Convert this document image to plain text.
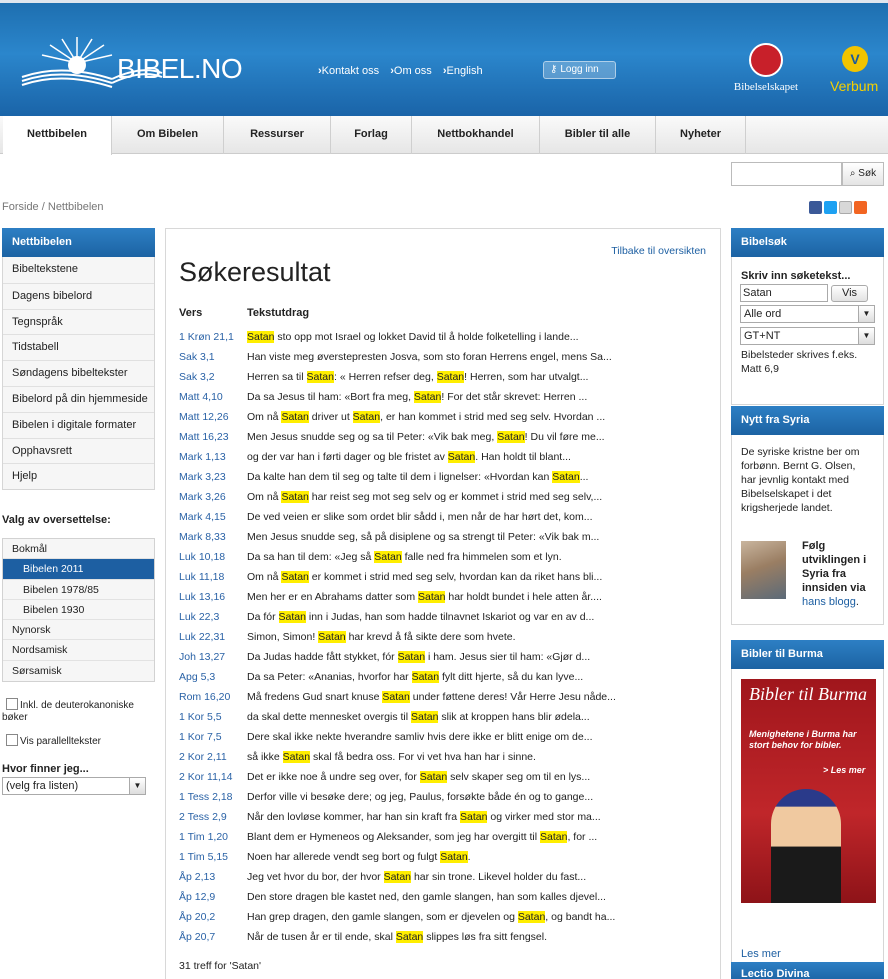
BIBEL.NO	› Kontakt oss › Om oss › English	⚷ Logg inn
Bibelselskapet
V
Verbum
Nettbibelen	Om Bibelen	Ressurser	Forlag	Nettbokhandel	Bibler til alle	Nyheter
⌕ Søk
Forside / Nettbibelen
Nettbibelen
Bibeltekstene
Dagens bibelord
Tegnspråk
Tidstabell
Søndagens bibeltekster
Bibelord på din hjemmeside
Bibelen i digitale formater
Opphavsrett
Hjelp
Valg av oversettelse:
Bokmål
Bibelen 2011
Bibelen 1978/85
Bibelen 1930
Nynorsk
Nordsamisk
Sørsamisk
Inkl. de deuterokanoniske
bøker
Vis parallelltekster
Hvor finner jeg...
(velg fra listen)	▼
Tilbake til oversikten
Søkeresultat
Vers	Tekstutdrag
1 Krøn 21,1	Satan sto opp mot Israel og lokket David til å holde folketelling i lande...
Sak 3,1	Han viste meg øverstepresten Josva, som sto foran Herrens engel, mens Sa...
Sak 3,2	Herren sa til Satan: « Herren refser deg, Satan! Herren, som har utvalgt...
Matt 4,10	Da sa Jesus til ham: «Bort fra meg, Satan! For det står skrevet: Herren ...
Matt 12,26	Om nå Satan driver ut Satan, er han kommet i strid med seg selv. Hvordan ...
Matt 16,23	Men Jesus snudde seg og sa til Peter: «Vik bak meg, Satan! Du vil føre me...
Mark 1,13	og der var han i førti dager og ble fristet av Satan. Han holdt til blant...
Mark 3,23	Da kalte han dem til seg og talte til dem i lignelser: «Hvordan kan Satan...
Mark 3,26	Om nå Satan har reist seg mot seg selv og er kommet i strid med seg selv,...
Mark 4,15	De ved veien er slike som ordet blir sådd i, men når de har hørt det, kom...
Mark 8,33	Men Jesus snudde seg, så på disiplene og sa strengt til Peter: «Vik bak m...
Luk 10,18	Da sa han til dem: «Jeg så Satan falle ned fra himmelen som et lyn.
Luk 11,18	Om nå Satan er kommet i strid med seg selv, hvordan kan da riket hans bli...
Luk 13,16	Men her er en Abrahams datter som Satan har holdt bundet i hele atten år....
Luk 22,3	Da fór Satan inn i Judas, han som hadde tilnavnet Iskariot og var en av d...
Luk 22,31	Simon, Simon! Satan har krevd å få sikte dere som hvete.
Joh 13,27	Da Judas hadde fått stykket, fór Satan i ham. Jesus sier til ham: «Gjør d...
Apg 5,3	Da sa Peter: «Ananias, hvorfor har Satan fylt ditt hjerte, så du kan lyve...
Rom 16,20	Må fredens Gud snart knuse Satan under føttene deres! Vår Herre Jesu nåde...
1 Kor 5,5	da skal dette mennesket overgis til Satan slik at kroppen hans blir ødela...
1 Kor 7,5	Dere skal ikke nekte hverandre samliv hvis dere ikke er blitt enige om de...
2 Kor 2,11	så ikke Satan skal få bedra oss. For vi vet hva han har i sinne.
2 Kor 11,14	Det er ikke noe å undre seg over, for Satan selv skaper seg om til en lys...
1 Tess 2,18	Derfor ville vi besøke dere; og jeg, Paulus, forsøkte både én og to gange...
2 Tess 2,9	Når den lovløse kommer, har han sin kraft fra Satan og virker med stor ma...
1 Tim 1,20	Blant dem er Hymeneos og Aleksander, som jeg har overgitt til Satan, for ...
1 Tim 5,15	Noen har allerede vendt seg bort og fulgt Satan.
Åp 2,13	Jeg vet hvor du bor, der hvor Satan har sin trone. Likevel holder du fast...
Åp 12,9	Den store dragen ble kastet ned, den gamle slangen, han som kalles djevel...
Åp 20,2	Han grep dragen, den gamle slangen, som er djevelen og Satan, og bandt ha...
Åp 20,7	Når de tusen år er til ende, skal Satan slippes løs fra sitt fengsel.
31 treff for 'Satan'
Bibelsøk
Skriv inn søketekst...
Satan	Vis
Alle ord	▼
GT+NT	▼
Bibelsteder skrives f.eks. Matt 6,9
Nytt fra Syria
De syriske kristne ber om forbønn. Bernt G. Olsen, har jevnlig kontakt med Bibelselskapet i det krigsherjede landet.
Følg utviklingen i Syria fra innsiden via hans blogg.
Bibler til Burma
Bibler til Burma
Menighetene i Burma har stort behov for bibler.
> Les mer
Les mer
Lectio Divina
